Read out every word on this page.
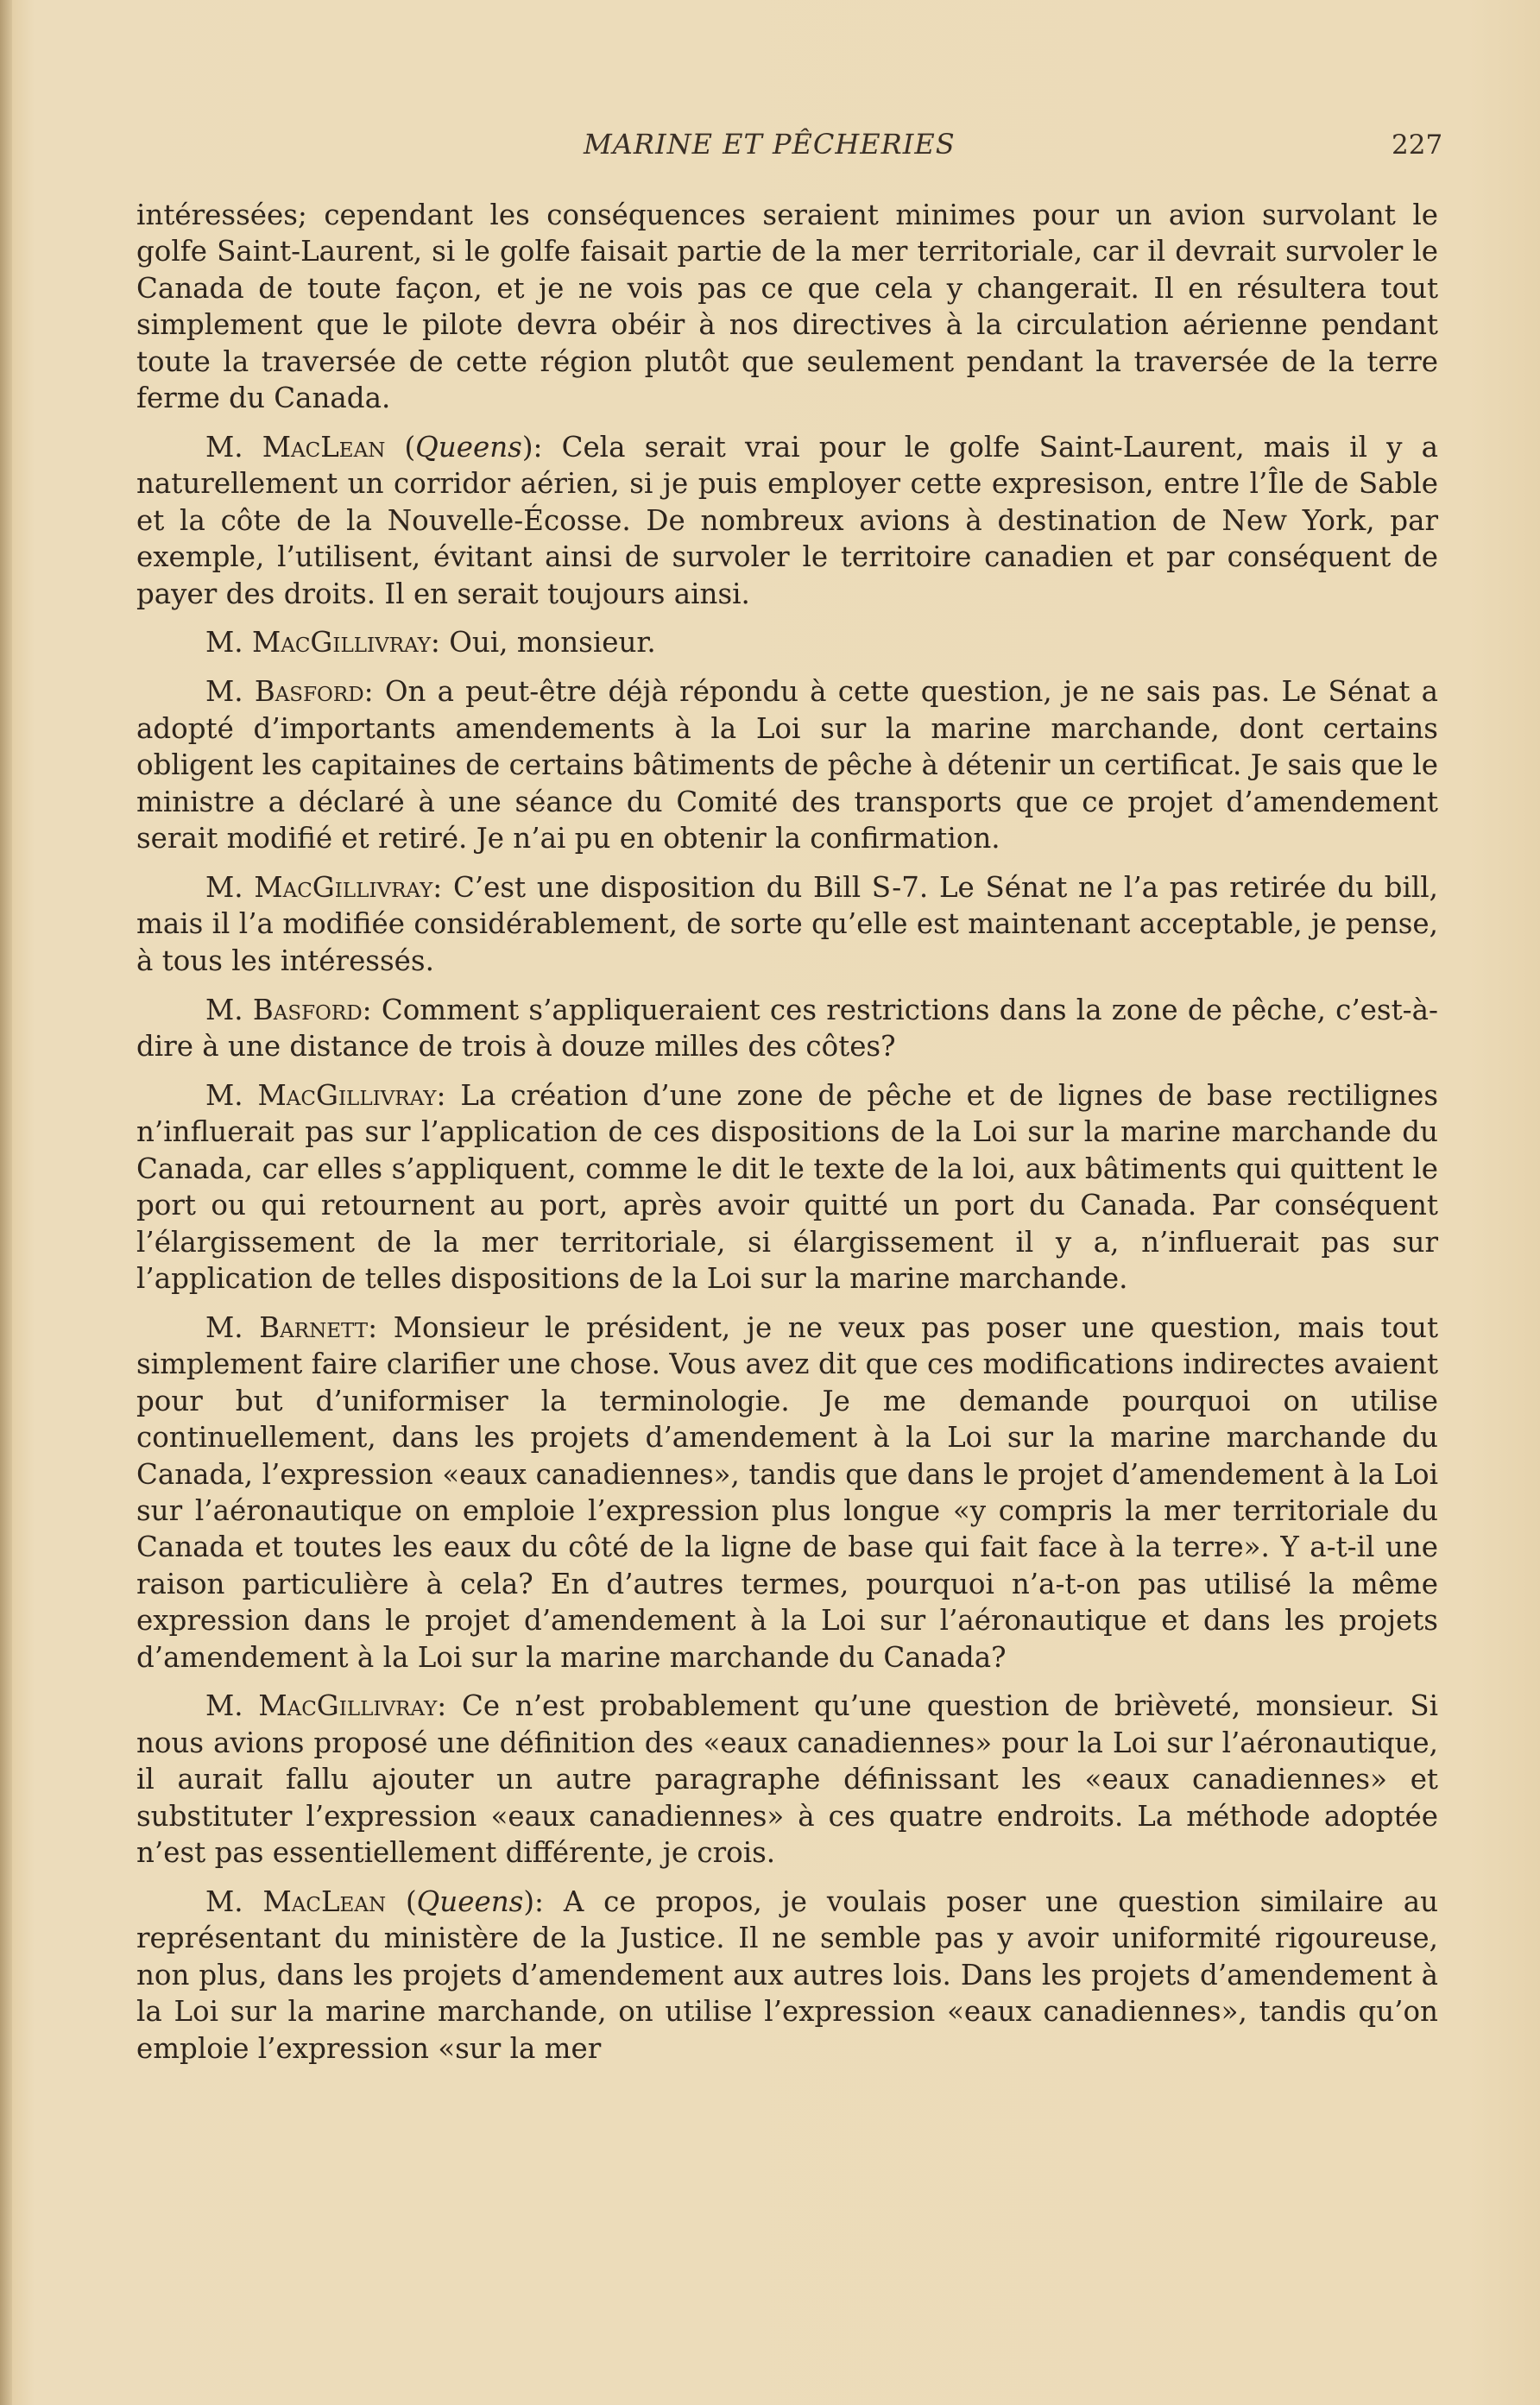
MARINE ET PÊCHERIES	227

intéressées; cependant les conséquences seraient minimes pour un avion survolant le golfe Saint-Laurent, si le golfe faisait partie de la mer territoriale, car il devrait survoler le Canada de toute façon, et je ne vois pas ce que cela y changerait. Il en résultera tout simplement que le pilote devra obéir à nos directives à la circulation aérienne pendant toute la traversée de cette région plutôt que seulement pendant la traversée de la terre ferme du Canada.

M. MacLean (Queens): Cela serait vrai pour le golfe Saint-Laurent, mais il y a naturellement un corridor aérien, si je puis employer cette expresison, entre l’Île de Sable et la côte de la Nouvelle-Écosse. De nombreux avions à destination de New York, par exemple, l’utilisent, évitant ainsi de survoler le territoire canadien et par conséquent de payer des droits. Il en serait toujours ainsi.

M. MacGillivray: Oui, monsieur.

M. Basford: On a peut-être déjà répondu à cette question, je ne sais pas. Le Sénat a adopté d’importants amendements à la Loi sur la marine marchande, dont certains obligent les capitaines de certains bâtiments de pêche à détenir un certificat. Je sais que le ministre a déclaré à une séance du Comité des transports que ce projet d’amendement serait modifié et retiré. Je n’ai pu en obtenir la confirmation.

M. MacGillivray: C’est une disposition du Bill S-7. Le Sénat ne l’a pas retirée du bill, mais il l’a modifiée considérablement, de sorte qu’elle est maintenant acceptable, je pense, à tous les intéressés.

M. Basford: Comment s’appliqueraient ces restrictions dans la zone de pêche, c’est-à-dire à une distance de trois à douze milles des côtes?

M. MacGillivray: La création d’une zone de pêche et de lignes de base rectilignes n’influerait pas sur l’application de ces dispositions de la Loi sur la marine marchande du Canada, car elles s’appliquent, comme le dit le texte de la loi, aux bâtiments qui quittent le port ou qui retournent au port, après avoir quitté un port du Canada. Par conséquent l’élargissement de la mer territoriale, si élargissement il y a, n’influerait pas sur l’application de telles dispositions de la Loi sur la marine marchande.

M. Barnett: Monsieur le président, je ne veux pas poser une question, mais tout simplement faire clarifier une chose. Vous avez dit que ces modifications indirectes avaient pour but d’uniformiser la terminologie. Je me demande pourquoi on utilise continuellement, dans les projets d’amendement à la Loi sur la marine marchande du Canada, l’expression «eaux canadiennes», tandis que dans le projet d’amendement à la Loi sur l’aéronautique on emploie l’expression plus longue «y compris la mer territoriale du Canada et toutes les eaux du côté de la ligne de base qui fait face à la terre». Y a-t-il une raison particulière à cela? En d’autres termes, pourquoi n’a-t-on pas utilisé la même expression dans le projet d’amendement à la Loi sur l’aéronautique et dans les projets d’amendement à la Loi sur la marine marchande du Canada?

M. MacGillivray: Ce n’est probablement qu’une question de brièveté, monsieur. Si nous avions proposé une définition des «eaux canadiennes» pour la Loi sur l’aéronautique, il aurait fallu ajouter un autre paragraphe définissant les «eaux canadiennes» et substituter l’expression «eaux canadiennes» à ces quatre endroits. La méthode adoptée n’est pas essentiellement différente, je crois.

M. MacLean (Queens): A ce propos, je voulais poser une question similaire au représentant du ministère de la Justice. Il ne semble pas y avoir uniformité rigoureuse, non plus, dans les projets d’amendement aux autres lois. Dans les projets d’amendement à la Loi sur la marine marchande, on utilise l’expression «eaux canadiennes», tandis qu’on emploie l’expression «sur la mer
